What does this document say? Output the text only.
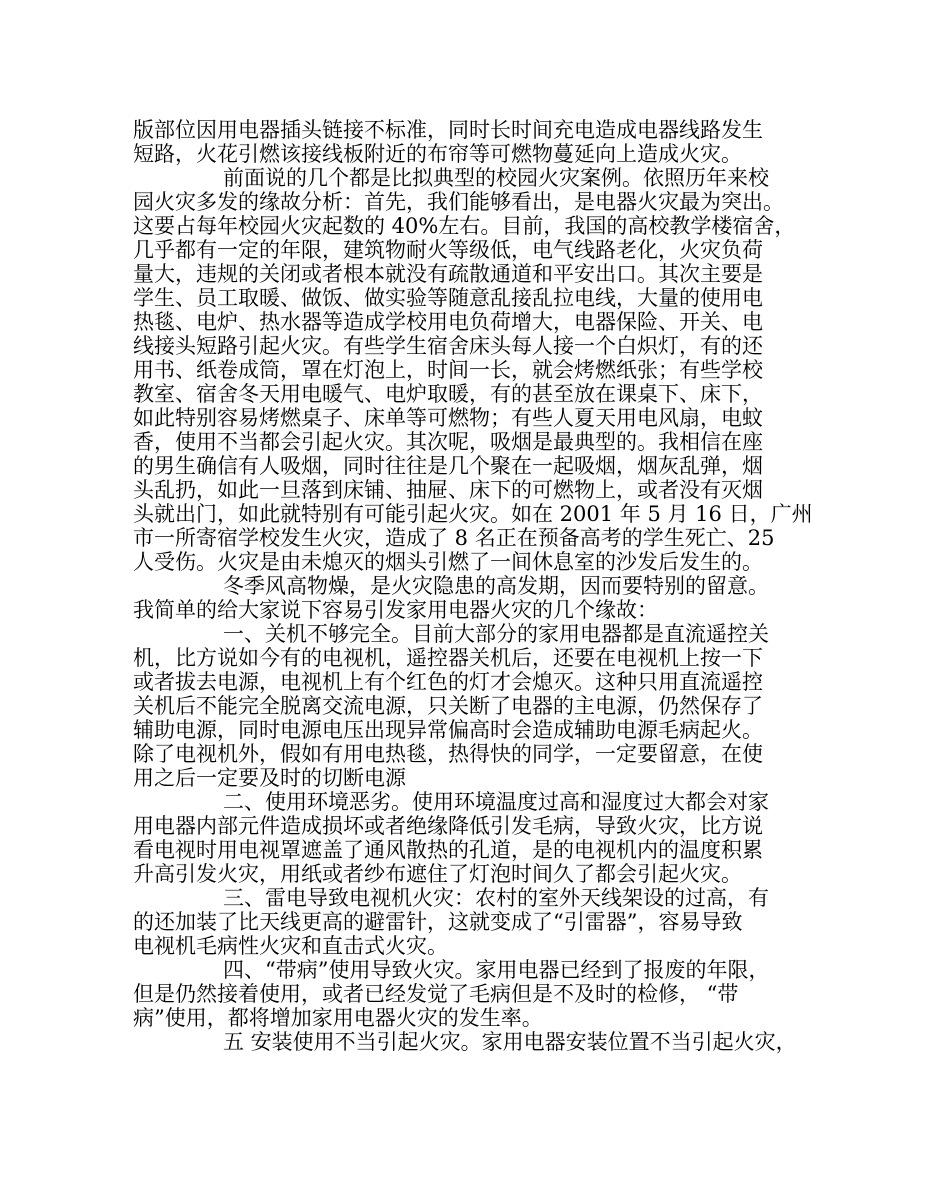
版部位因用电器插头链接不标准，同时长时间充电造成电器线路发生
短路，火花引燃该接线板附近的布帘等可燃物蔓延向上造成火灾。
前面说的几个都是比拟典型的校园火灾案例。依照历年来校
园火灾多发的缘故分析：首先，我们能够看出，是电器火灾最为突出。
这要占每年校园火灾起数的 40%左右。目前，我国的高校教学楼宿舍，
几乎都有一定的年限，建筑物耐火等级低，电气线路老化，火灾负荷
量大，违规的关闭或者根本就没有疏散通道和平安出口。其次主要是
学生、员工取暖、做饭、做实验等随意乱接乱拉电线，大量的使用电
热毯、电炉、热水器等造成学校用电负荷增大，电器保险、开关、电
线接头短路引起火灾。有些学生宿舍床头每人接一个白炽灯，有的还
用书、纸卷成筒，罩在灯泡上，时间一长，就会烤燃纸张；有些学校
教室、宿舍冬天用电暖气、电炉取暖，有的甚至放在课桌下、床下，
如此特别容易烤燃桌子、床单等可燃物；有些人夏天用电风扇，电蚊
香，使用不当都会引起火灾。其次呢，吸烟是最典型的。我相信在座
的男生确信有人吸烟，同时往往是几个聚在一起吸烟，烟灰乱弹，烟
头乱扔，如此一旦落到床铺、抽屉、床下的可燃物上，或者没有灭烟
头就出门，如此就特别有可能引起火灾。如在 2001 年 5 月 16 日，广州
市一所寄宿学校发生火灾，造成了 8 名正在预备高考的学生死亡、25
人受伤。火灾是由未熄灭的烟头引燃了一间休息室的沙发后发生的。
冬季风高物燥，是火灾隐患的高发期，因而要特别的留意。
我简单的给大家说下容易引发家用电器火灾的几个缘故：
一、关机不够完全。目前大部分的家用电器都是直流遥控关
机，比方说如今有的电视机，遥控器关机后，还要在电视机上按一下
或者拔去电源，电视机上有个红色的灯才会熄灭。这种只用直流遥控
关机后不能完全脱离交流电源，只关断了电器的主电源，仍然保存了
辅助电源，同时电源电压出现异常偏高时会造成辅助电源毛病起火。
除了电视机外，假如有用电热毯，热得快的同学，一定要留意，在使
用之后一定要及时的切断电源
二、使用环境恶劣。使用环境温度过高和湿度过大都会对家
用电器内部元件造成损坏或者绝缘降低引发毛病，导致火灾，比方说
看电视时用电视罩遮盖了通风散热的孔道，是的电视机内的温度积累
升高引发火灾，用纸或者纱布遮住了灯泡时间久了都会引起火灾。
三、雷电导致电视机火灾：农村的室外天线架设的过高，有
的还加装了比天线更高的避雷针，这就变成了“引雷器”，容易导致
电视机毛病性火灾和直击式火灾。
四、“带病”使用导致火灾。家用电器已经到了报废的年限，
但是仍然接着使用，或者已经发觉了毛病但是不及时的检修， “带
病”使用，都将增加家用电器火灾的发生率。
五 安装使用不当引起火灾。家用电器安装位置不当引起火灾，
